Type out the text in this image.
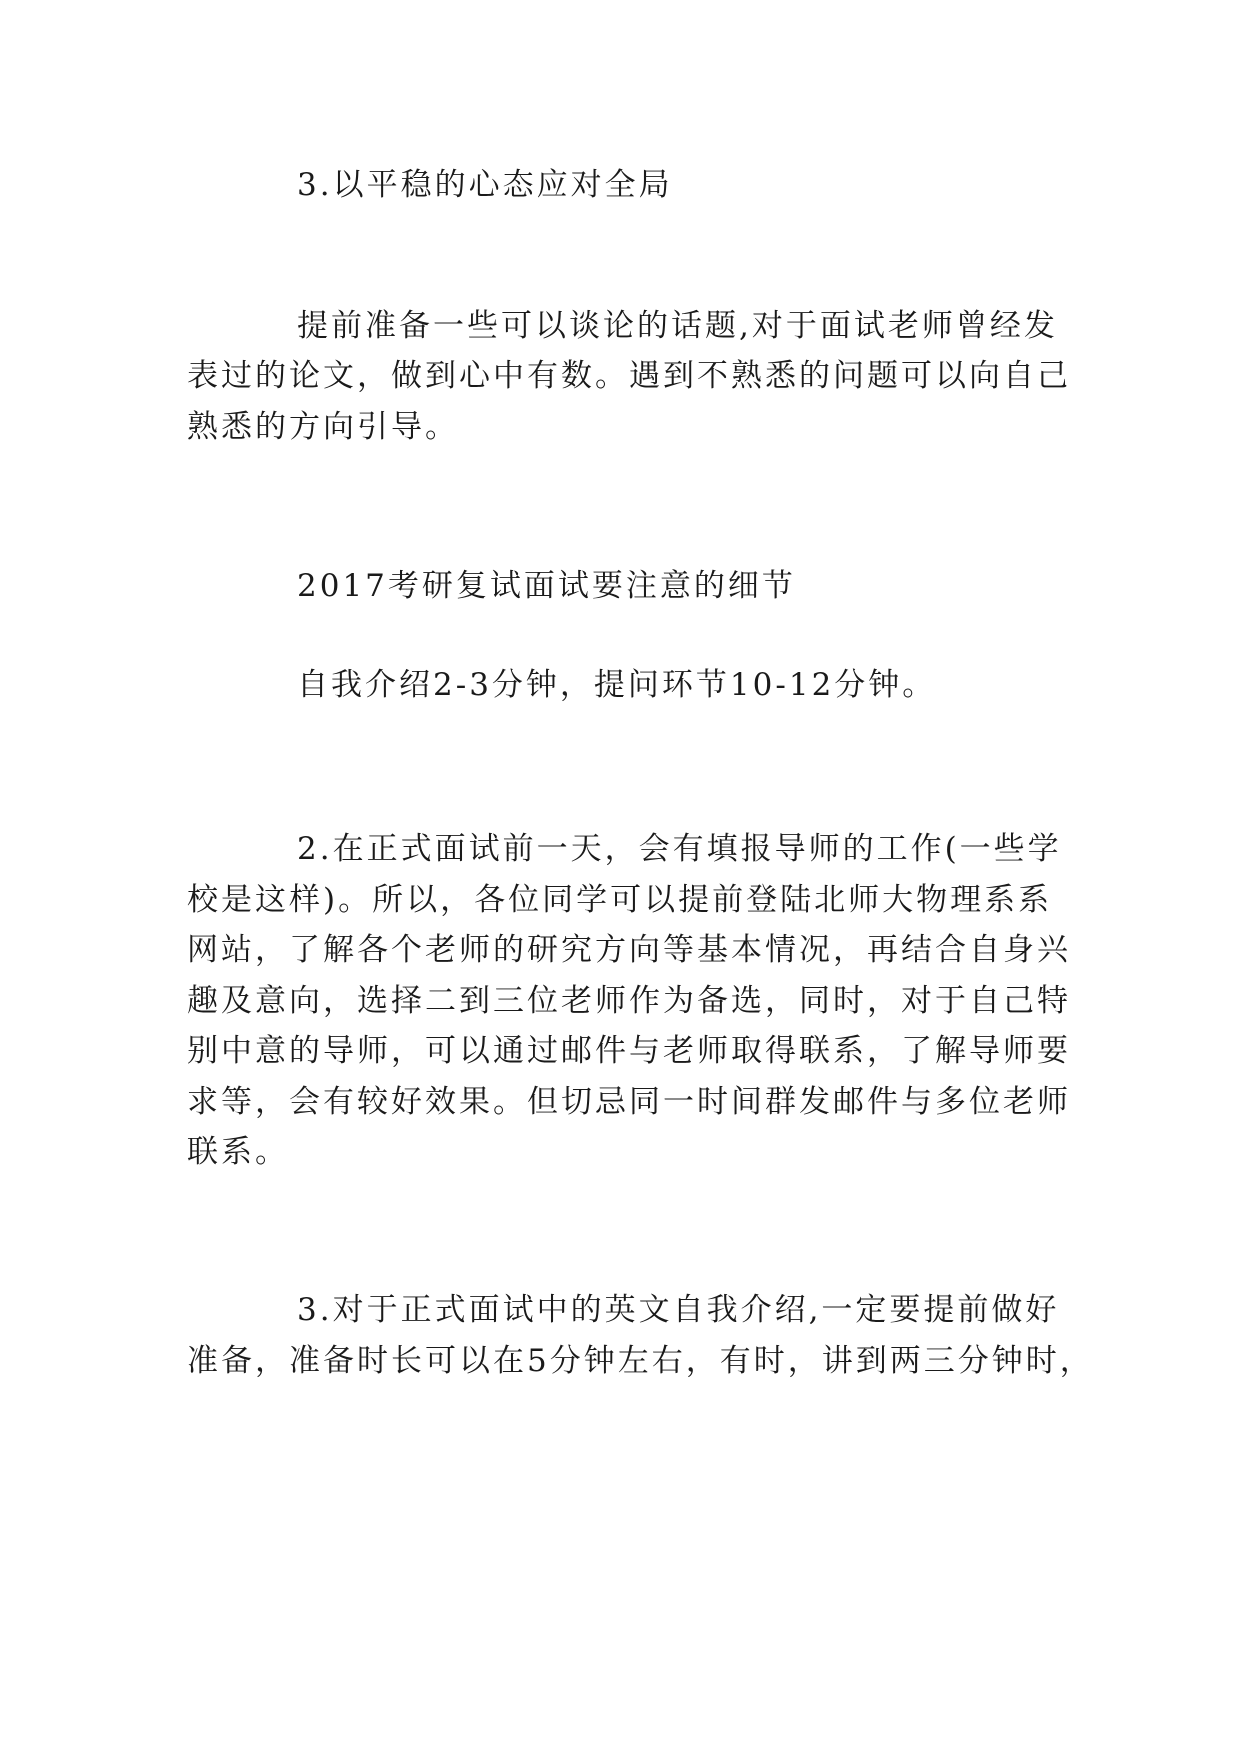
3.以平稳的心态应对全局

提前准备一些可以谈论的话题,对于面试老师曾经发

表过的论文，做到心中有数。遇到不熟悉的问题可以向自己

熟悉的方向引导。

2017考研复试面试要注意的细节

自我介绍2-3分钟，提问环节10-12分钟。

2.在正式面试前一天，会有填报导师的工作(一些学

校是这样)。所以，各位同学可以提前登陆北师大物理系系

网站，了解各个老师的研究方向等基本情况，再结合自身兴

趣及意向，选择二到三位老师作为备选，同时，对于自己特

别中意的导师，可以通过邮件与老师取得联系，了解导师要

求等，会有较好效果。但切忌同一时间群发邮件与多位老师

联系。

3.对于正式面试中的英文自我介绍,一定要提前做好

准备，准备时长可以在5分钟左右，有时，讲到两三分钟时，
